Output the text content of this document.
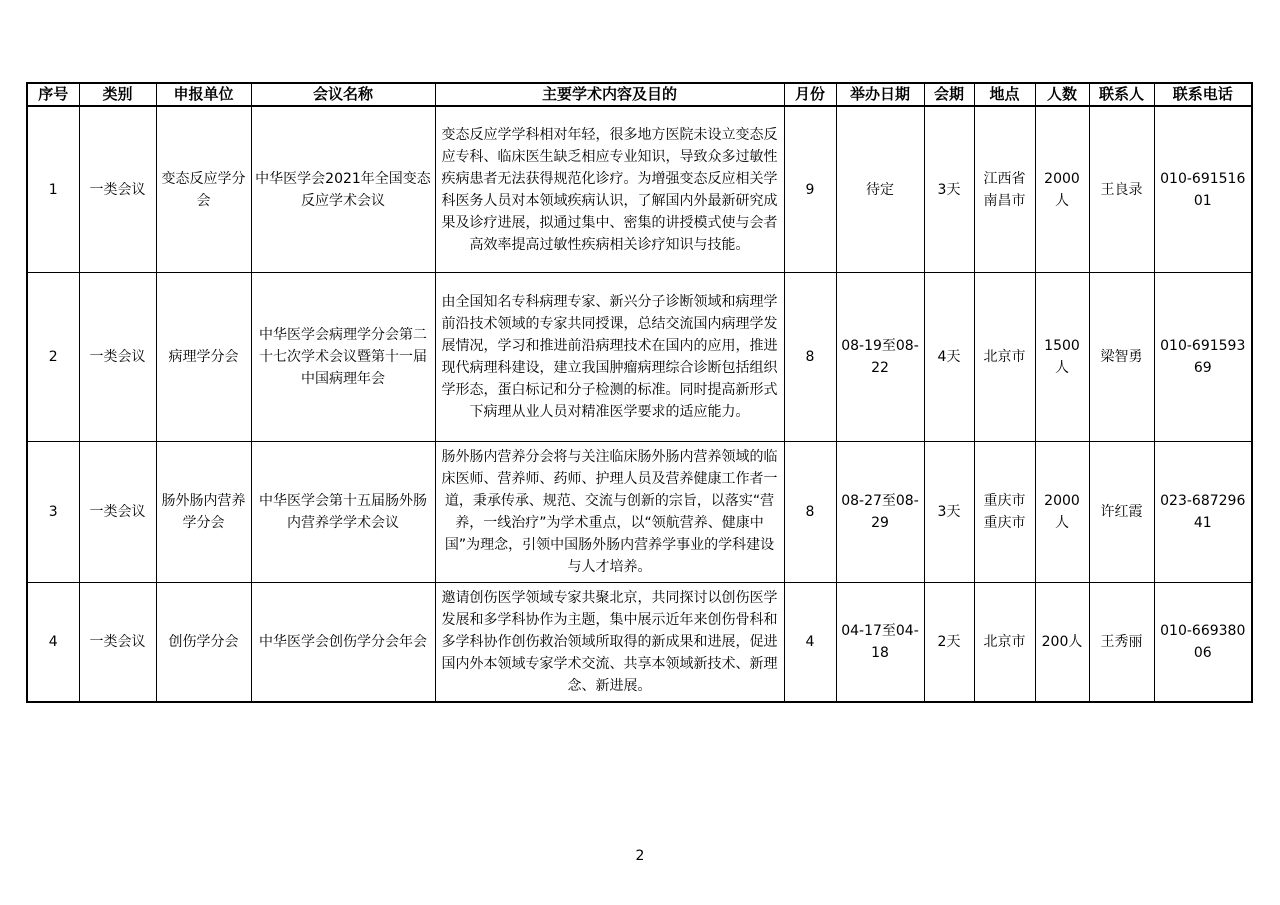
序号	类别	申报单位	会议名称	主要学术内容及目的	月份	举办日期	会期	地点	人数	联系人	联系电话
1	一类会议	变态反应学分会	中华医学会2021年全国变态反应学术会议	变态反应学学科相对年轻，很多地方医院未设立变态反应专科、临床医生缺乏相应专业知识，导致众多过敏性疾病患者无法获得规范化诊疗。为增强变态反应相关学科医务人员对本领域疾病认识，了解国内外最新研究成果及诊疗进展，拟通过集中、密集的讲授模式使与会者高效率提高过敏性疾病相关诊疗知识与技能。	9	待定	3天	江西省南昌市	2000人	王良录	010-69151601
2	一类会议	病理学分会	中华医学会病理学分会第二十七次学术会议暨第十一届中国病理年会	由全国知名专科病理专家、新兴分子诊断领域和病理学前沿技术领域的专家共同授课，总结交流国内病理学发展情况，学习和推进前沿病理技术在国内的应用，推进现代病理科建设，建立我国肿瘤病理综合诊断包括组织学形态，蛋白标记和分子检测的标准。同时提高新形式下病理从业人员对精准医学要求的适应能力。	8	08-19至08-22	4天	北京市	1500人	梁智勇	010-69159369
3	一类会议	肠外肠内营养学分会	中华医学会第十五届肠外肠内营养学学术会议	肠外肠内营养分会将与关注临床肠外肠内营养领域的临床医师、营养师、药师、护理人员及营养健康工作者一道，秉承传承、规范、交流与创新的宗旨，以落实“营养，一线治疗”为学术重点，以“领航营养、健康中国”为理念，引领中国肠外肠内营养学事业的学科建设与人才培养。	8	08-27至08-29	3天	重庆市重庆市	2000人	许红霞	023-68729641
4	一类会议	创伤学分会	中华医学会创伤学分会年会	邀请创伤医学领域专家共聚北京，共同探讨以创伤医学发展和多学科协作为主题，集中展示近年来创伤骨科和多学科协作创伤救治领域所取得的新成果和进展，促进国内外本领域专家学术交流、共享本领域新技术、新理念、新进展。	4	04-17至04-18	2天	北京市	200人	王秀丽	010-66938006
2
